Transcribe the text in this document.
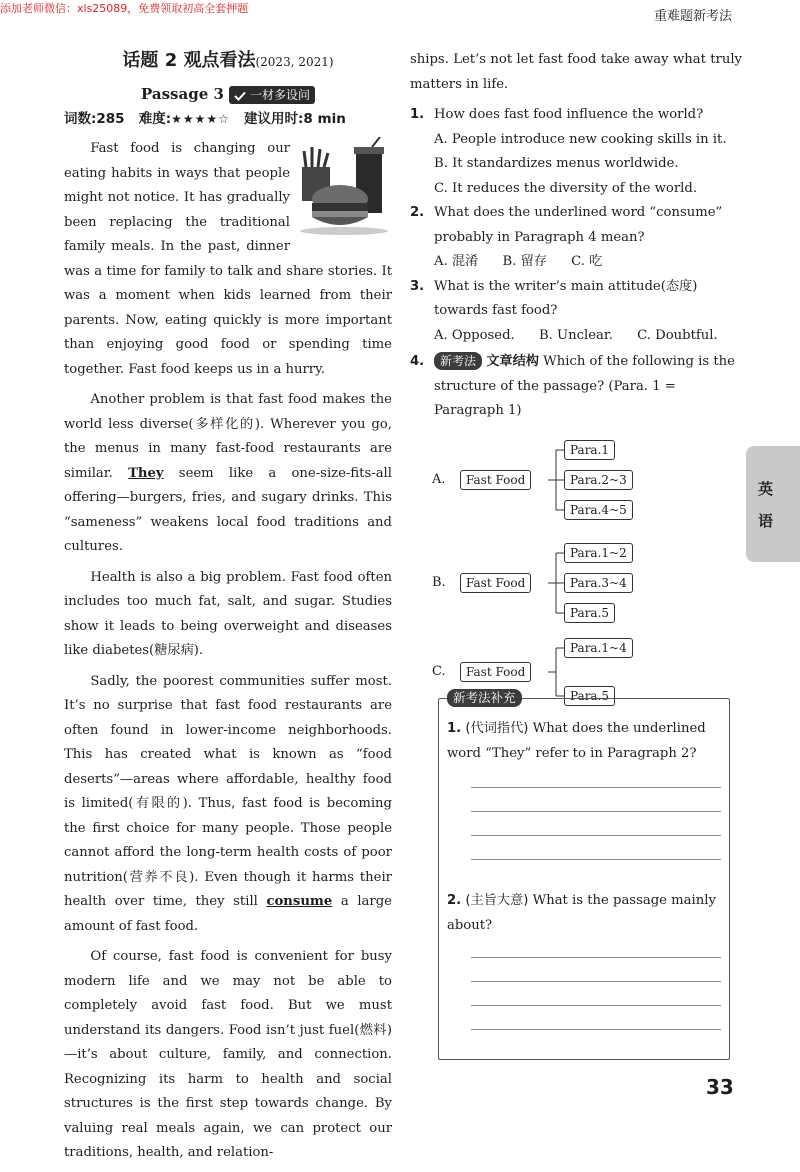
添加老师微信：xls25089，免费领取初高全套押题
重难题新考法
话题 2 观点看法(2023, 2021)
Passage 3 一材多设问
词数:285 难度:★★★★☆ 建议用时:8 min

Fast food is changing our eating habits in ways that people might not notice. It has gradually been replacing the traditional family meals. In the past, dinner was a time for family to talk and share stories. It was a moment when kids learned from their parents. Now, eating quickly is more important than enjoying good food or spending time together. Fast food keeps us in a hurry.

Another problem is that fast food makes the world less diverse(多样化的). Wherever you go, the menus in many fast-food restaurants are similar. They seem like a one-size-fits-all offering—burgers, fries, and sugary drinks. This “sameness” weakens local food traditions and cultures.

Health is also a big problem. Fast food often includes too much fat, salt, and sugar. Studies show it leads to being overweight and diseases like diabetes(糖尿病).

Sadly, the poorest communities suffer most. It’s no surprise that fast food restaurants are often found in lower-income neighborhoods. This has created what is known as “food deserts”—areas where affordable, healthy food is limited(有限的). Thus, fast food is becoming the first choice for many people. Those people cannot afford the long-term health costs of poor nutrition(营养不良). Even though it harms their health over time, they still consume a large amount of fast food.

Of course, fast food is convenient for busy modern life and we may not be able to completely avoid fast food. But we must understand its dangers. Food isn’t just fuel(燃料)—it’s about culture, family, and connection. Recognizing its harm to health and social structures is the first step towards change. By valuing real meals again, we can protect our traditions, health, and relation-

ships. Let’s not let fast food take away what truly matters in life.

1. How does fast food influence the world?
A. People introduce new cooking skills in it.
B. It standardizes menus worldwide.
C. It reduces the diversity of the world.
2. What does the underlined word “consume” probably in Paragraph 4 mean?
A. 混淆 B. 留存 C. 吃
3. What is the writer’s main attitude(态度) towards fast food?
A. Opposed. B. Unclear. C. Doubtful.
4. 新考法 文章结构 Which of the following is the structure of the passage? (Para. 1 = Paragraph 1)
A.	Fast Food
Para.1
Para.2~3
Para.4~5
B.	Fast Food
Para.1~2
Para.3~4
Para.5
C.	Fast Food
Para.1~4
Para.5
新考法补充
1. (代词指代) What does the underlined word “They” refer to in Paragraph 2?
2. (主旨大意) What is the passage mainly about?
英
语
33
